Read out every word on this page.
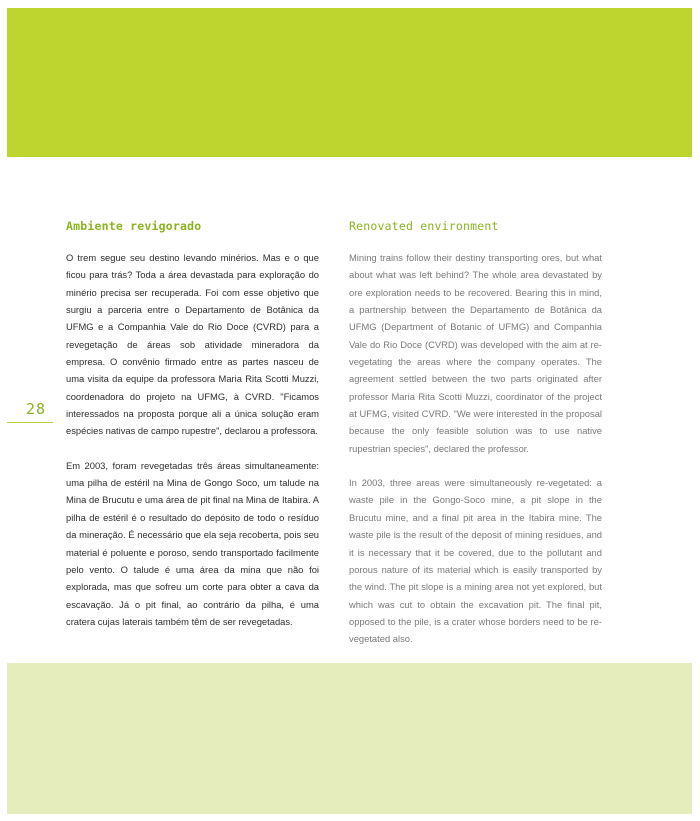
28
Ambiente revigorado

O trem segue seu destino levando minérios. Mas e o que ficou para trás? Toda a área devastada para exploração do minério precisa ser recuperada. Foi com esse objetivo que surgiu a parceria entre o Departamento de Botânica da UFMG e a Companhia Vale do Rio Doce (CVRD) para a revegetação de áreas sob atividade mineradora da empresa. O convênio firmado entre as partes nasceu de uma visita da equipe da professora Maria Rita Scotti Muzzi, coordenadora do projeto na UFMG, à CVRD. "Ficamos interessados na proposta porque ali a única solução eram espécies nativas de campo rupestre", declarou a professora.

Em 2003, foram revegetadas três áreas simultaneamente: uma pilha de estéril na Mina de Gongo Soco, um talude na Mina de Brucutu e uma área de pit final na Mina de Itabira. A pilha de estéril é o resultado do depósito de todo o resíduo da mineração. É necessário que ela seja recoberta, pois seu material é poluente e poroso, sendo transportado facilmente pelo vento. O talude é uma área da mina que não foi explorada, mas que sofreu um corte para obter a cava da escavação. Já o pit final, ao contrário da pilha, é uma cratera cujas laterais também têm de ser revegetadas.

Renovated environment

Mining trains follow their destiny transporting ores, but what about what was left behind? The whole area devastated by ore exploration needs to be recovered. Bearing this in mind, a partnership between the Departamento de Botânica da UFMG (Department of Botanic of UFMG) and Companhia Vale do Rio Doce (CVRD) was developed with the aim at re-vegetating the areas where the company operates. The agreement settled between the two parts originated after professor Maria Rita Scotti Muzzi, coordinator of the project at UFMG, visited CVRD. "We were interested in the proposal because the only feasible solution was to use native rupestrian species", declared the professor.

In 2003, three areas were simultaneously re-vegetated: a waste pile in the Gongo-Soco mine, a pit slope in the Brucutu mine, and a final pit area in the Itabira mine. The waste pile is the result of the deposit of mining residues, and it is necessary that it be covered, due to the pollutant and porous nature of its material which is easily transported by the wind. The pit slope is a mining area not yet explored, but which was cut to obtain the excavation pit. The final pit, opposed to the pile, is a crater whose borders need to be re-vegetated also.
